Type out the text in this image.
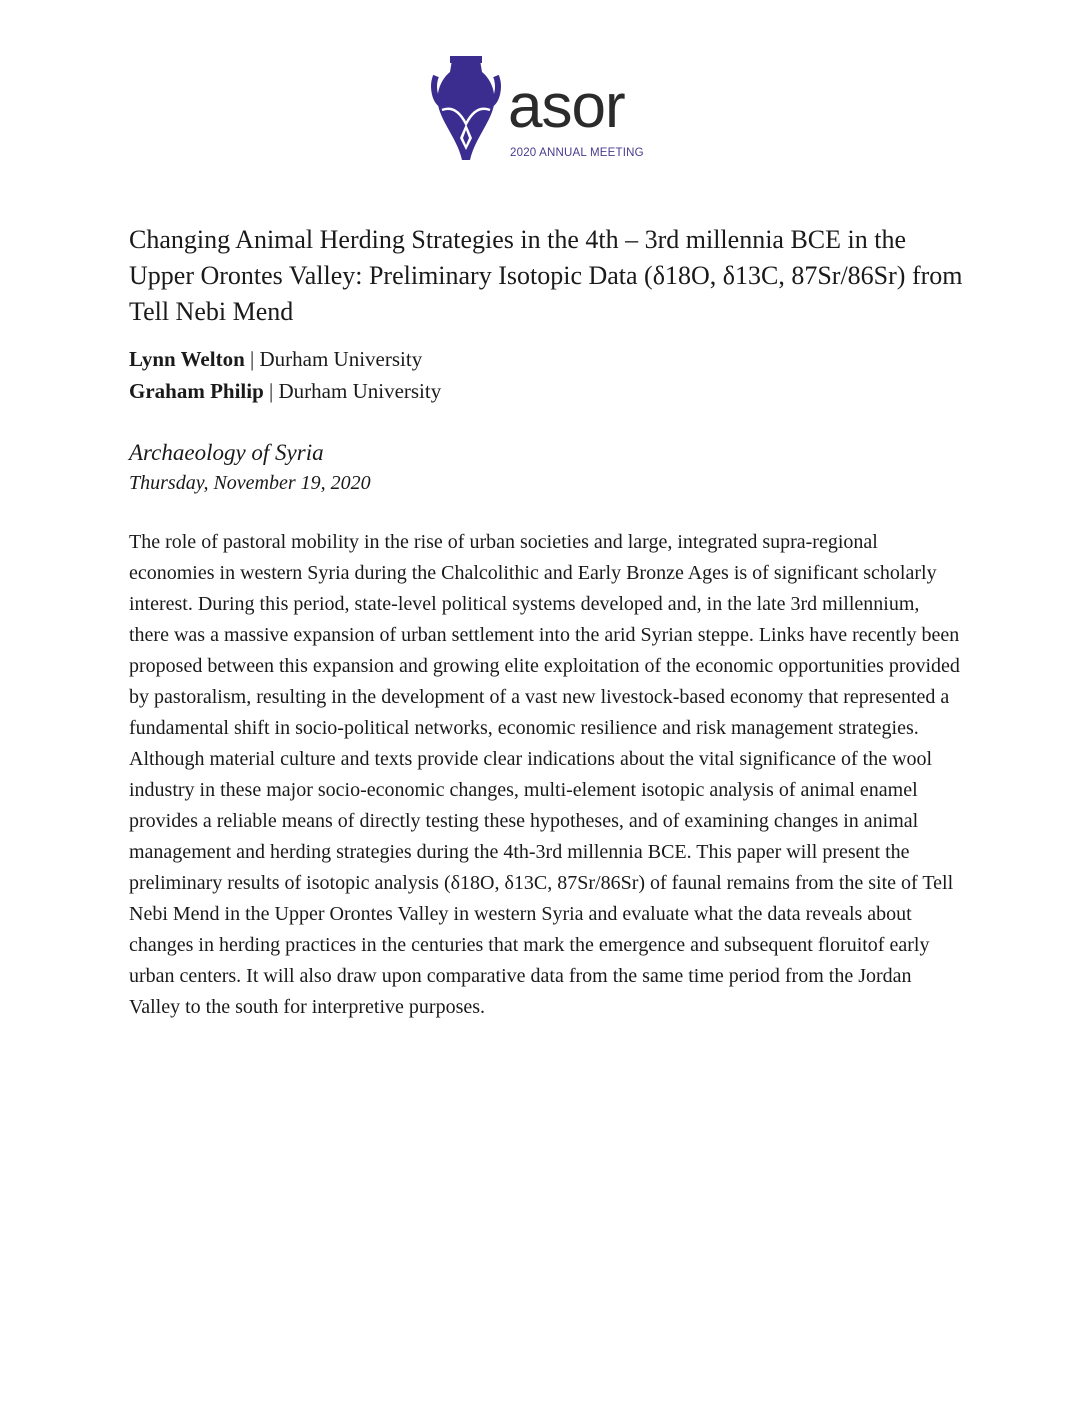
asor
2020 ANNUAL MEETING
Changing Animal Herding Strategies in the 4th – 3rd millennia BCE in the Upper Orontes Valley: Preliminary Isotopic Data (δ18O, δ13C, 87Sr/86Sr) from Tell Nebi Mend
Lynn Welton | Durham University
Graham Philip | Durham University
Archaeology of Syria
Thursday, November 19, 2020

The role of pastoral mobility in the rise of urban societies and large, integrated supra-regional economies in western Syria during the Chalcolithic and Early Bronze Ages is of significant scholarly interest. During this period, state-level political systems developed and, in the late 3rd millennium, there was a massive expansion of urban settlement into the arid Syrian steppe. Links have recently been proposed between this expansion and growing elite exploitation of the economic opportunities provided by pastoralism, resulting in the development of a vast new livestock-based economy that represented a fundamental shift in socio-political networks, economic resilience and risk management strategies. Although material culture and texts provide clear indications about the vital significance of the wool industry in these major socio-economic changes, multi-element isotopic analysis of animal enamel provides a reliable means of directly testing these hypotheses, and of examining changes in animal management and herding strategies during the 4th-3rd millennia BCE. This paper will present the preliminary results of isotopic analysis (δ18O, δ13C, 87Sr/86Sr) of faunal remains from the site of Tell Nebi Mend in the Upper Orontes Valley in western Syria and evaluate what the data reveals about changes in herding practices in the centuries that mark the emergence and subsequent floruitof early urban centers. It will also draw upon comparative data from the same time period from the Jordan Valley to the south for interpretive purposes.
